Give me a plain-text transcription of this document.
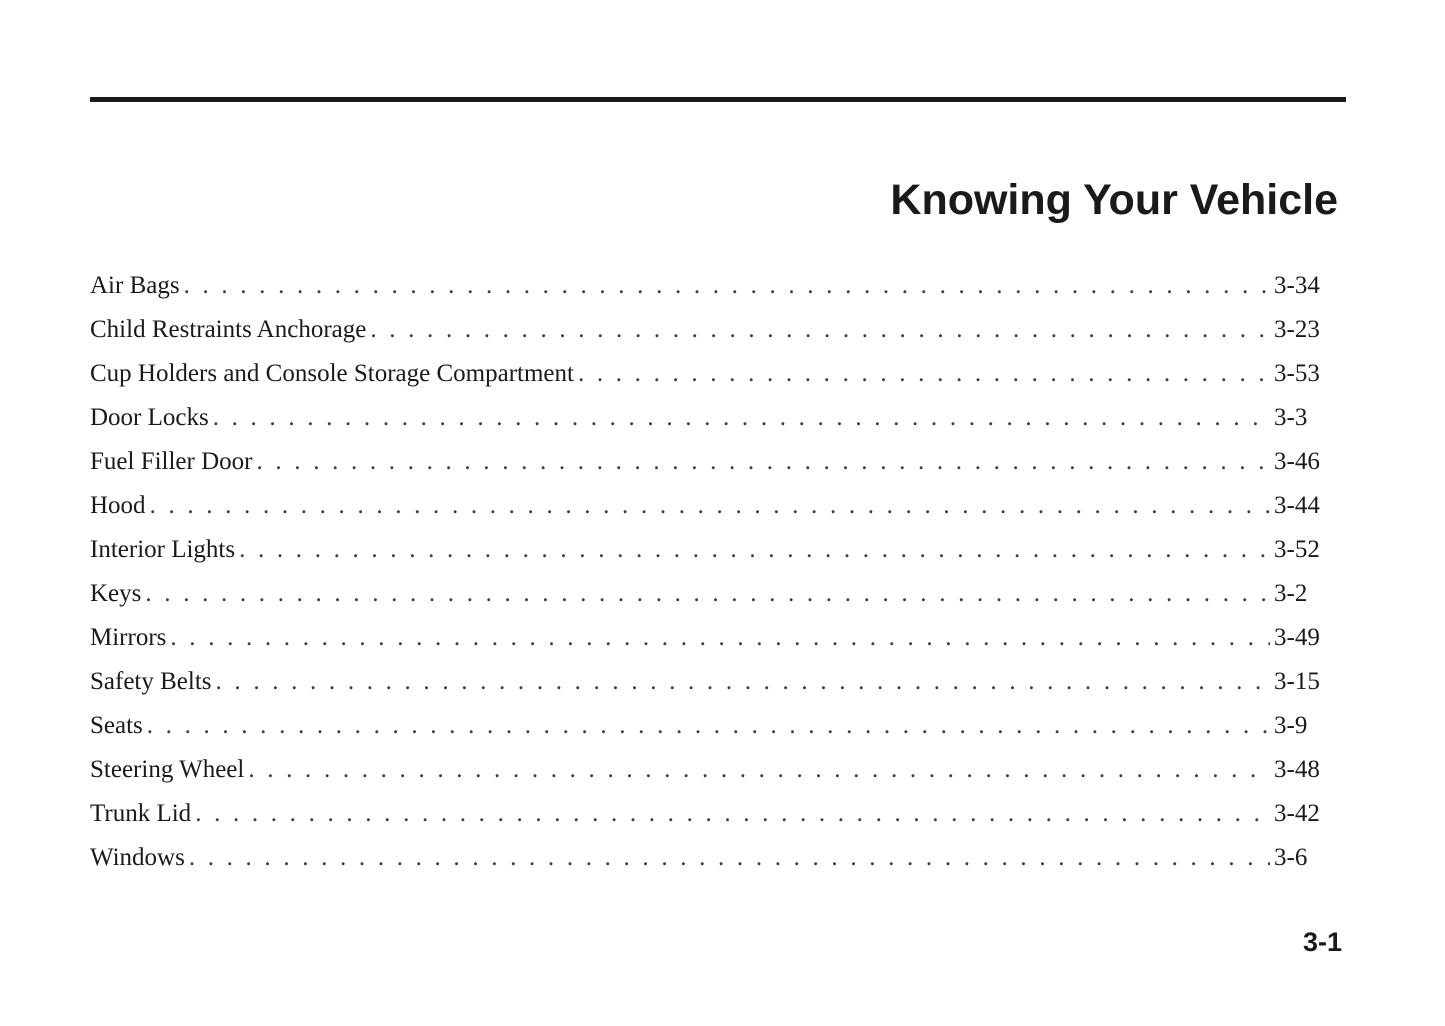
Knowing Your Vehicle
Air Bags . . .	3-34
Child Restraints Anchorage . . .	3-23
Cup Holders and Console Storage Compartment . . .	3-53
Door Locks . . .	3-3
Fuel Filler Door . . .	3-46
Hood . . .	3-44
Interior Lights . . .	3-52
Keys . . .	3-2
Mirrors . . .	3-49
Safety Belts . . .	3-15
Seats . . .	3-9
Steering Wheel . . .	3-48
Trunk Lid . . .	3-42
Windows . . .	3-6
3-1
